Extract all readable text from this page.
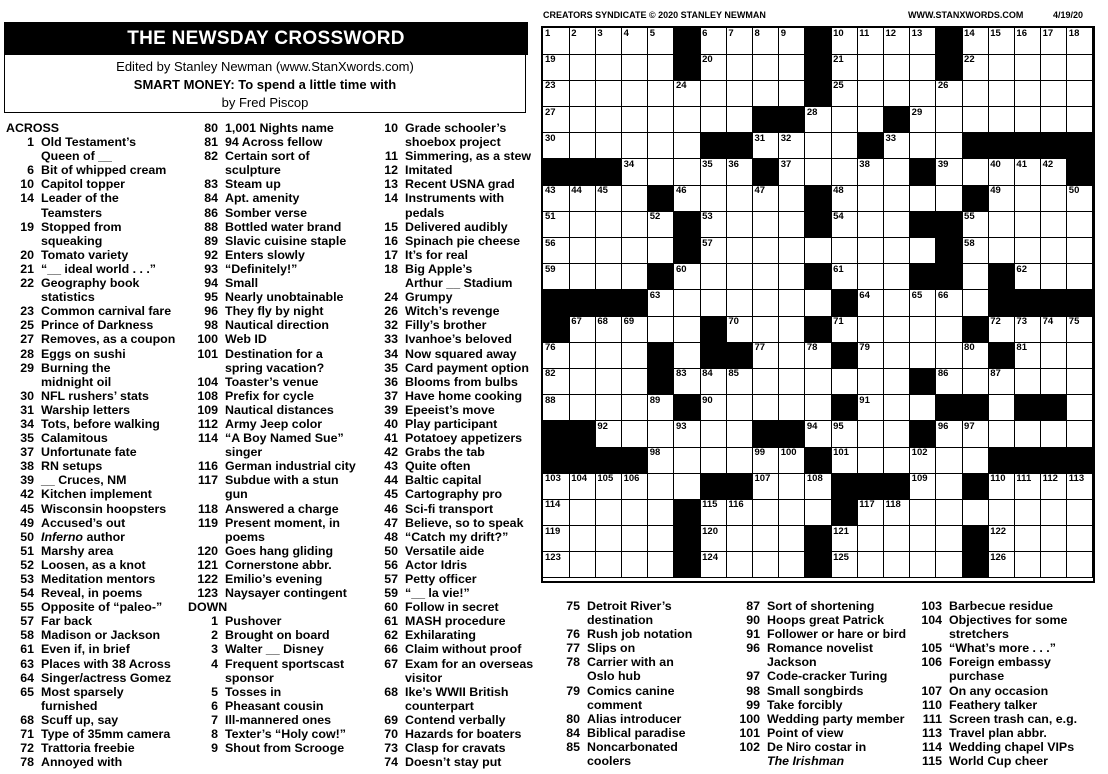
CREATORS SYNDICATE © 2020 STANLEY NEWMAN	WWW.STANXWORDS.COM	4/19/20
THE NEWSDAY CROSSWORD
Edited by Stanley Newman (www.StanXwords.com)
SMART MONEY: To spend a little time with
by Fred Piscop
ACROSS
1 Old Testament’s
Queen of __
6 Bit of whipped cream
10 Capitol topper
14 Leader of the
Teamsters
19 Stopped from
squeaking
20 Tomato variety
21 “__ ideal world . . .”
22 Geography book
statistics
23 Common carnival fare
25 Prince of Darkness
27 Removes, as a coupon
28 Eggs on sushi
29 Burning the
midnight oil
30 NFL rushers’ stats
31 Warship letters
34 Tots, before walking
35 Calamitous
37 Unfortunate fate
38 RN setups
39 __ Cruces, NM
42 Kitchen implement
45 Wisconsin hoopsters
49 Accused’s out
50 Inferno author
51 Marshy area
52 Loosen, as a knot
53 Meditation mentors
54 Reveal, in poems
55 Opposite of “paleo-”
57 Far back
58 Madison or Jackson
61 Even if, in brief
63 Places with 38 Across
64 Singer/actress Gomez
65 Most sparsely
furnished
68 Scuff up, say
71 Type of 35mm camera
72 Trattoria freebie
78 Annoyed with
80 1,001 Nights name
81 94 Across fellow
82 Certain sort of
sculpture
83 Steam up
84 Apt. amenity
86 Somber verse
88 Bottled water brand
89 Slavic cuisine staple
92 Enters slowly
93 “Definitely!”
94 Small
95 Nearly unobtainable
96 They fly by night
98 Nautical direction
100 Web ID
101 Destination for a
spring vacation?
104 Toaster’s venue
108 Prefix for cycle
109 Nautical distances
112 Army Jeep color
114 “A Boy Named Sue”
singer
116 German industrial city
117 Subdue with a stun
gun
118 Answered a charge
119 Present moment, in
poems
120 Goes hang gliding
121 Cornerstone abbr.
122 Emilio’s evening
123 Naysayer contingent
DOWN
1 Pushover
2 Brought on board
3 Walter __ Disney
4 Frequent sportscast
sponsor
5 Tosses in
6 Pheasant cousin
7 Ill-mannered ones
8 Texter’s “Holy cow!”
9 Shout from Scrooge
10 Grade schooler’s
shoebox project
11 Simmering, as a stew
12 Imitated
13 Recent USNA grad
14 Instruments with
pedals
15 Delivered audibly
16 Spinach pie cheese
17 It’s for real
18 Big Apple’s
Arthur __ Stadium
24 Grumpy
26 Witch’s revenge
32 Filly’s brother
33 Ivanhoe’s beloved
34 Now squared away
35 Card payment option
36 Blooms from bulbs
37 Have home cooking
39 Epeeist’s move
40 Play participant
41 Potatoey appetizers
42 Grabs the tab
43 Quite often
44 Baltic capital
45 Cartography pro
46 Sci-fi transport
47 Believe, so to speak
48 “Catch my drift?”
50 Versatile aide
56 Actor Idris
57 Petty officer
59 “__ la vie!”
60 Follow in secret
61 MASH procedure
62 Exhilarating
66 Claim without proof
67 Exam for an overseas
visitor
68 Ike’s WWII British
counterpart
69 Contend verbally
70 Hazards for boaters
73 Clasp for cravats
74 Doesn’t stay put
75 Detroit River’s
destination
76 Rush job notation
77 Slips on
78 Carrier with an
Oslo hub
79 Comics canine
comment
80 Alias introducer
84 Biblical paradise
85 Noncarbonated
coolers
87 Sort of shortening
90 Hoops great Patrick
91 Follower or hare or bird
96 Romance novelist
Jackson
97 Code-cracker Turing
98 Small songbirds
99 Take forcibly
100 Wedding party member
101 Point of view
102 De Niro costar in
The Irishman
103 Barbecue residue
104 Objectives for some
stretchers
105 “What’s more . . .”
106 Foreign embassy
purchase
107 On any occasion
110 Feathery talker
111 Screen trash can, e.g.
113 Travel plan abbr.
114 Wedding chapel VIPs
115 World Cup cheer
1 2 3 4 5	6 7 8 9	10 11 12 13	14 15 16 17 18
19	20	21	22
23	24	25	26
27	28	29
30	31 32	33
34	35 36	37	38	39	40 41 42
43 44 45	46	47	48	49	50
51	52	53	54	55
56	57	58
59	60	61	62
63	64	65 66
67 68 69	70	71	72 73 74 75
76	77	78	79	80	81
82	83 84 85	86	87
88	89	90	91
92	93	94 95	96 97
98	99 100	101	102
103 104 105 106	107	108	109	110 111 112 113
114	115 116	117 118
119	120	121	122
123	124	125	126
